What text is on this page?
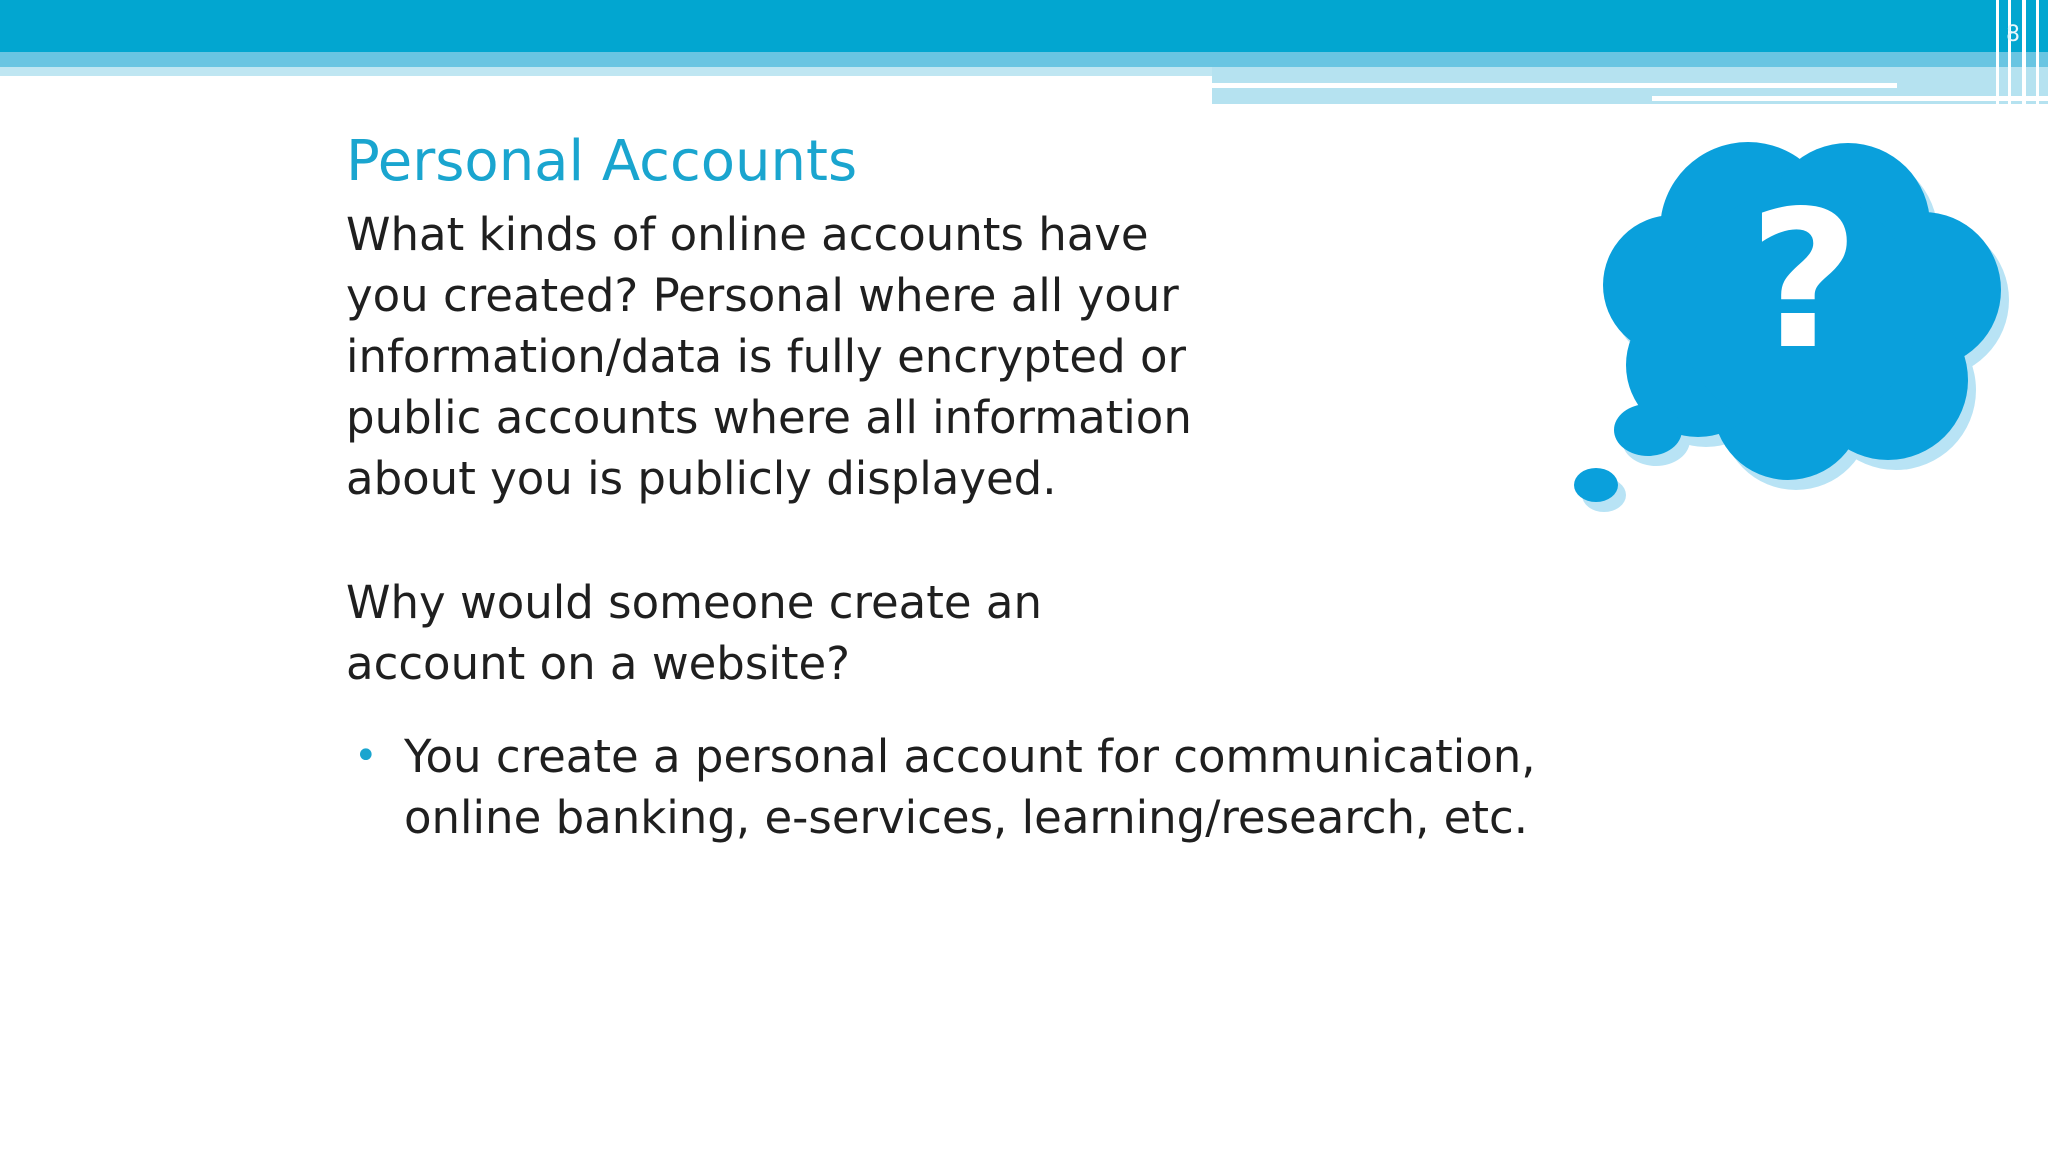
8
Personal Accounts

What kinds of online accounts have you created? Personal where all your information/data is fully encrypted or public accounts where all information about you is publicly displayed.

Why would someone create an account on a website?

• You create a personal account for communication, online banking, e-services, learning/research, etc.
?
